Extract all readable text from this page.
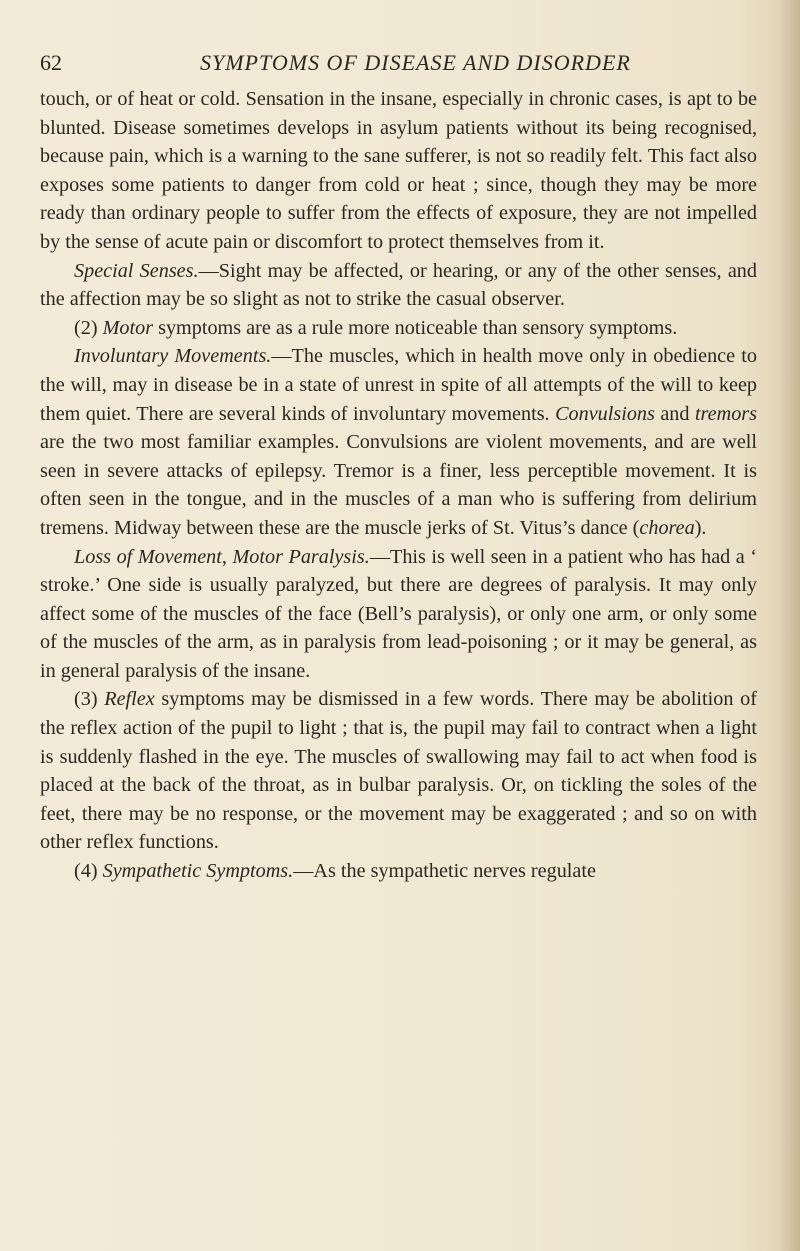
62	SYMPTOMS OF DISEASE AND DISORDER

touch, or of heat or cold. Sensation in the insane, especially in chronic cases, is apt to be blunted. Disease sometimes develops in asylum patients without its being recognised, because pain, which is a warning to the sane sufferer, is not so readily felt. This fact also exposes some patients to danger from cold or heat ; since, though they may be more ready than ordinary people to suffer from the effects of exposure, they are not impelled by the sense of acute pain or discomfort to protect themselves from it.

Special Senses.—Sight may be affected, or hearing, or any of the other senses, and the affection may be so slight as not to strike the casual observer.

(2) Motor symptoms are as a rule more noticeable than sensory symptoms.

Involuntary Movements.—The muscles, which in health move only in obedience to the will, may in disease be in a state of unrest in spite of all attempts of the will to keep them quiet. There are several kinds of involuntary movements. Convulsions and tremors are the two most familiar examples. Convulsions are violent movements, and are well seen in severe attacks of epilepsy. Tremor is a finer, less perceptible movement. It is often seen in the tongue, and in the muscles of a man who is suffering from delirium tremens. Midway between these are the muscle jerks of St. Vitus’s dance (chorea).

Loss of Movement, Motor Paralysis.—This is well seen in a patient who has had a ‘ stroke.’ One side is usually paralyzed, but there are degrees of paralysis. It may only affect some of the muscles of the face (Bell’s paralysis), or only one arm, or only some of the muscles of the arm, as in paralysis from lead-poisoning ; or it may be general, as in general paralysis of the insane.

(3) Reflex symptoms may be dismissed in a few words. There may be abolition of the reflex action of the pupil to light ; that is, the pupil may fail to contract when a light is suddenly flashed in the eye. The muscles of swallowing may fail to act when food is placed at the back of the throat, as in bulbar paralysis. Or, on tickling the soles of the feet, there may be no response, or the movement may be exaggerated ; and so on with other reflex functions.

(4) Sympathetic Symptoms.—As the sympathetic nerves regulate
